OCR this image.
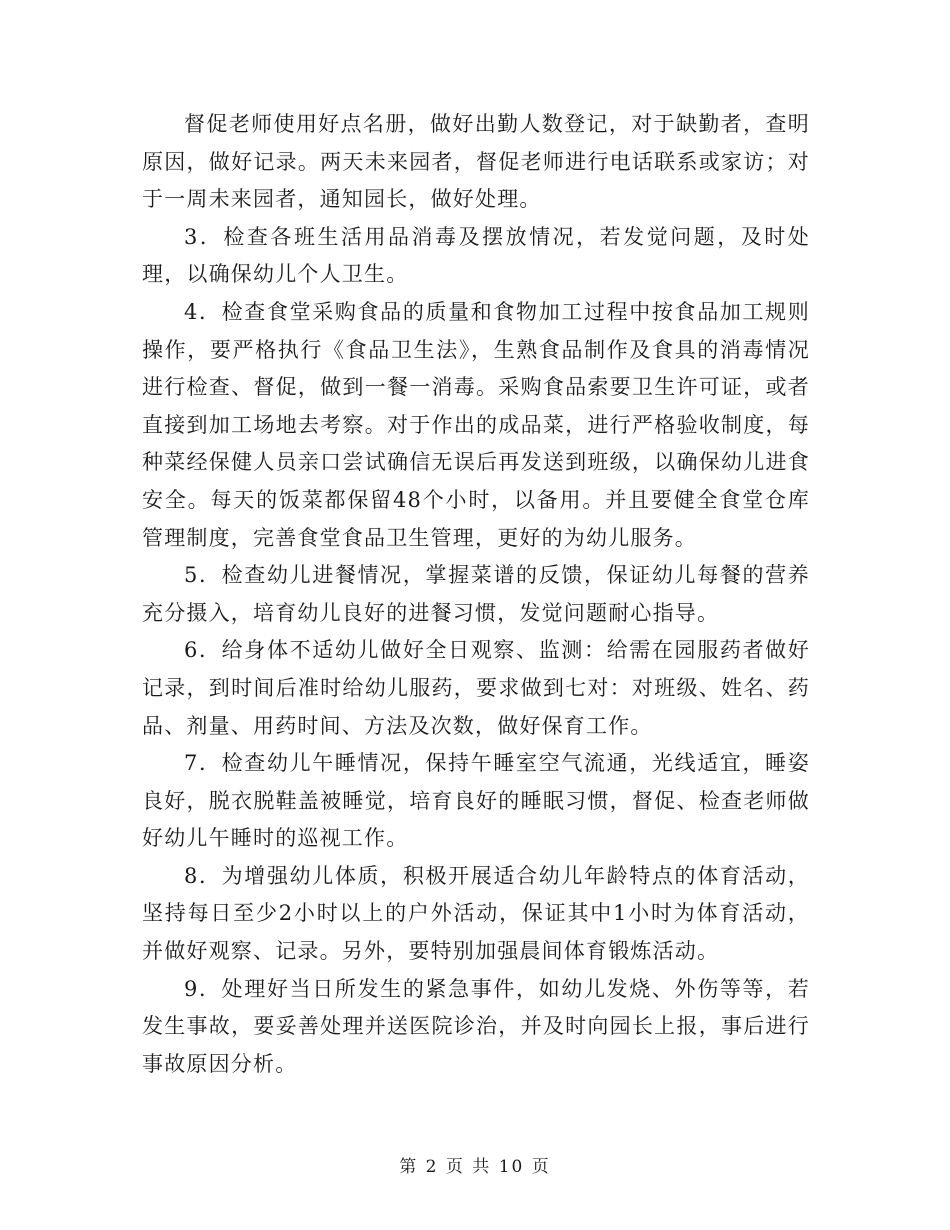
督促老师使用好点名册，做好出勤人数登记，对于缺勤者，查明原因，做好记录。两天未来园者，督促老师进行电话联系或家访；对于一周未来园者，通知园长，做好处理。

3．检查各班生活用品消毒及摆放情况，若发觉问题，及时处理，以确保幼儿个人卫生。

4．检查食堂采购食品的质量和食物加工过程中按食品加工规则操作，要严格执行《食品卫生法》，生熟食品制作及食具的消毒情况进行检查、督促，做到一餐一消毒。采购食品索要卫生许可证，或者直接到加工场地去考察。对于作出的成品菜，进行严格验收制度，每种菜经保健人员亲口尝试确信无误后再发送到班级，以确保幼儿进食安全。每天的饭菜都保留48个小时，以备用。并且要健全食堂仓库管理制度，完善食堂食品卫生管理，更好的为幼儿服务。

5．检查幼儿进餐情况，掌握菜谱的反馈，保证幼儿每餐的营养充分摄入，培育幼儿良好的进餐习惯，发觉问题耐心指导。

6．给身体不适幼儿做好全日观察、监测：给需在园服药者做好记录，到时间后准时给幼儿服药，要求做到七对：对班级、姓名、药品、剂量、用药时间、方法及次数，做好保育工作。

7．检查幼儿午睡情况，保持午睡室空气流通，光线适宜，睡姿良好，脱衣脱鞋盖被睡觉，培育良好的睡眠习惯，督促、检查老师做好幼儿午睡时的巡视工作。

8．为增强幼儿体质，积极开展适合幼儿年龄特点的体育活动，坚持每日至少2小时以上的户外活动，保证其中1小时为体育活动，并做好观察、记录。另外，要特别加强晨间体育锻炼活动。

9．处理好当日所发生的紧急事件，如幼儿发烧、外伤等等，若发生事故，要妥善处理并送医院诊治，并及时向园长上报，事后进行事故原因分析。

第 2 页 共 10 页
